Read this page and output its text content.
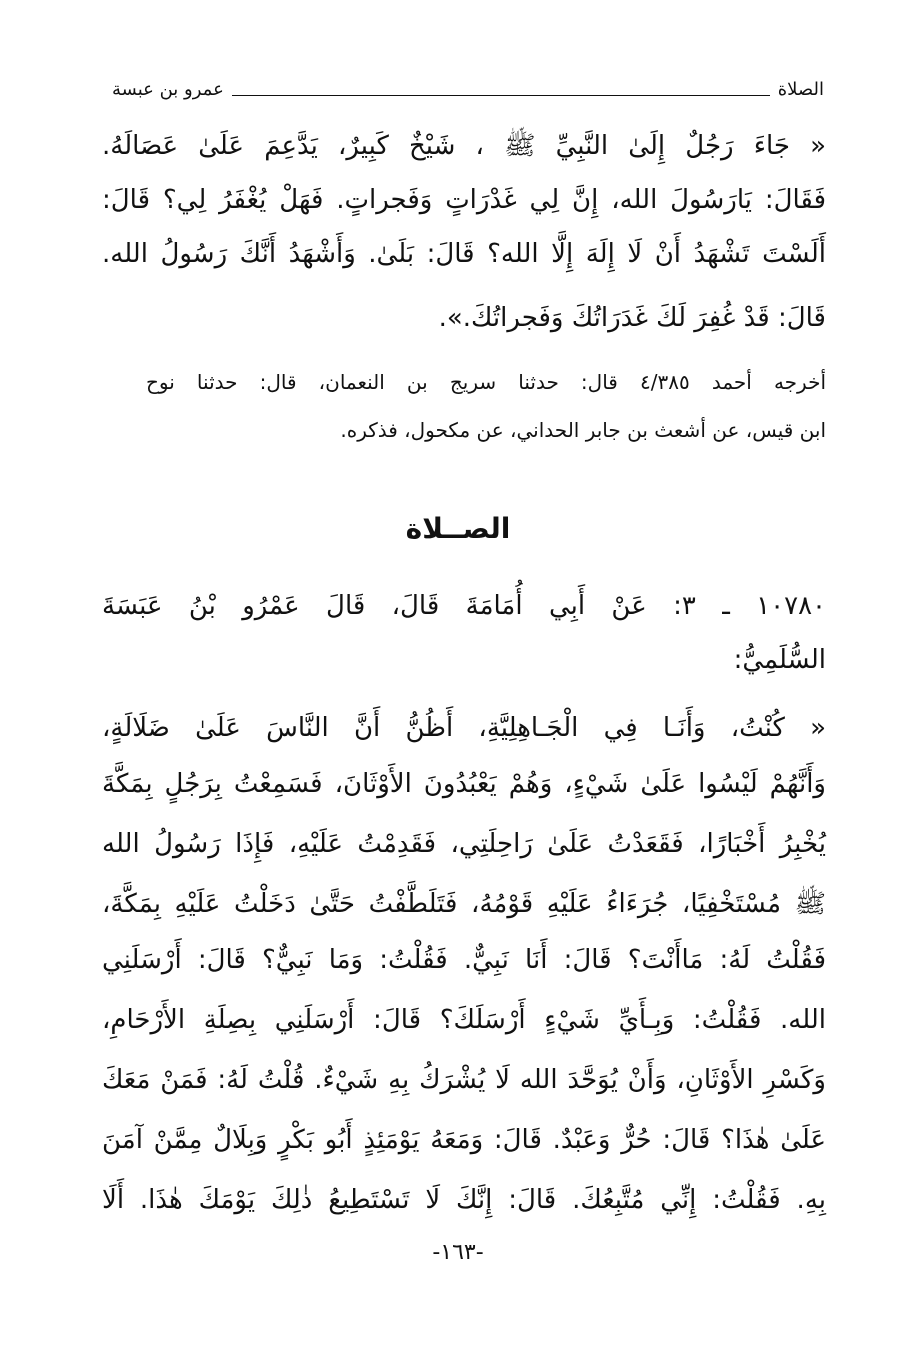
الصلاة
عمرو بن عبسة
« جَاءَ رَجُلٌ إِلَىٰ النَّبِيِّ ﷺ ، شَيْخٌ كَبِيرٌ، يَدَّعِمَ عَلَىٰ عَصَالَهُ.
فَقَالَ: يَارَسُولَ الله، إِنَّ لِي غَدْرَاتٍ وَفَجراتٍ. فَهَلْ يُغْفَرُ لِي؟ قَالَ:
أَلَسْتَ تَشْهَدُ أَنْ لَا إِلَهَ إِلَّا الله؟ قَالَ: بَلَىٰ. وَأَشْهَدُ أَنَّكَ رَسُولُ الله.
قَالَ: قَدْ غُفِرَ لَكَ غَدَرَاتُكَ وَفَجراتُكَ.».
أخرجه أحمد ٤/٣٨٥ قال: حدثنا سريج بن النعمان، قال: حدثنا نوح
ابن قيس، عن أشعث بن جابر الحداني، عن مكحول، فذكره.
الصــلاة
١٠٧٨٠ ـ ٣: عَنْ أَبِي أُمَامَةَ قَالَ، قَالَ عَمْرُو بْنُ عَبَسَةَ
السُّلَمِيُّ:
« كُنْتُ، وَأَنَـا فِي الْجَـاهِلِيَّةِ، أَظُنُّ أَنَّ النَّاسَ عَلَىٰ ضَلَالَةٍ،
وَأَنَّهُمْ لَيْسُوا عَلَىٰ شَيْءٍ، وَهُمْ يَعْبُدُونَ الأَوْثَانَ، فَسَمِعْتُ بِرَجُلٍ بِمَكَّةَ
يُخْبِرُ أَخْبَارًا، فَقَعَدْتُ عَلَىٰ رَاحِلَتِي، فَقَدِمْتُ عَلَيْهِ، فَإِذَا رَسُولُ الله
ﷺ مُسْتَخْفِيًا، جُرَءَاءُ عَلَيْهِ قَوْمُهُ، فَتَلَطَّفْتُ حَتَّىٰ دَخَلْتُ عَلَيْهِ بِمَكَّةَ،
فَقُلْتُ لَهُ: مَاأَنْتَ؟ قَالَ: أَنَا نَبِيٌّ. فَقُلْتُ: وَمَا نَبِيٌّ؟ قَالَ: أَرْسَلَنِي
الله. فَقُلْتُ: وَبِـأَيِّ شَيْءٍ أَرْسَلَكَ؟ قَالَ: أَرْسَلَنِي بِصِلَةِ الأَرْحَامِ،
وَكَسْرِ الأَوْثَانِ، وَأَنْ يُوَحَّدَ الله لَا يُشْرَكُ بِهِ شَيْءٌ. قُلْتُ لَهُ: فَمَنْ مَعَكَ
عَلَىٰ هٰذَا؟ قَالَ: حُرٌّ وَعَبْدٌ. قَالَ: وَمَعَهُ يَوْمَئِذٍ أَبُو بَكْرٍ وَبِلَالٌ مِمَّنْ آمَنَ
بِهِ. فَقُلْتُ: إِنِّي مُتَّبِعُكَ. قَالَ: إِنَّكَ لَا تَسْتَطِيعُ ذٰلِكَ يَوْمَكَ هٰذَا. أَلَا
-١٦٣-
